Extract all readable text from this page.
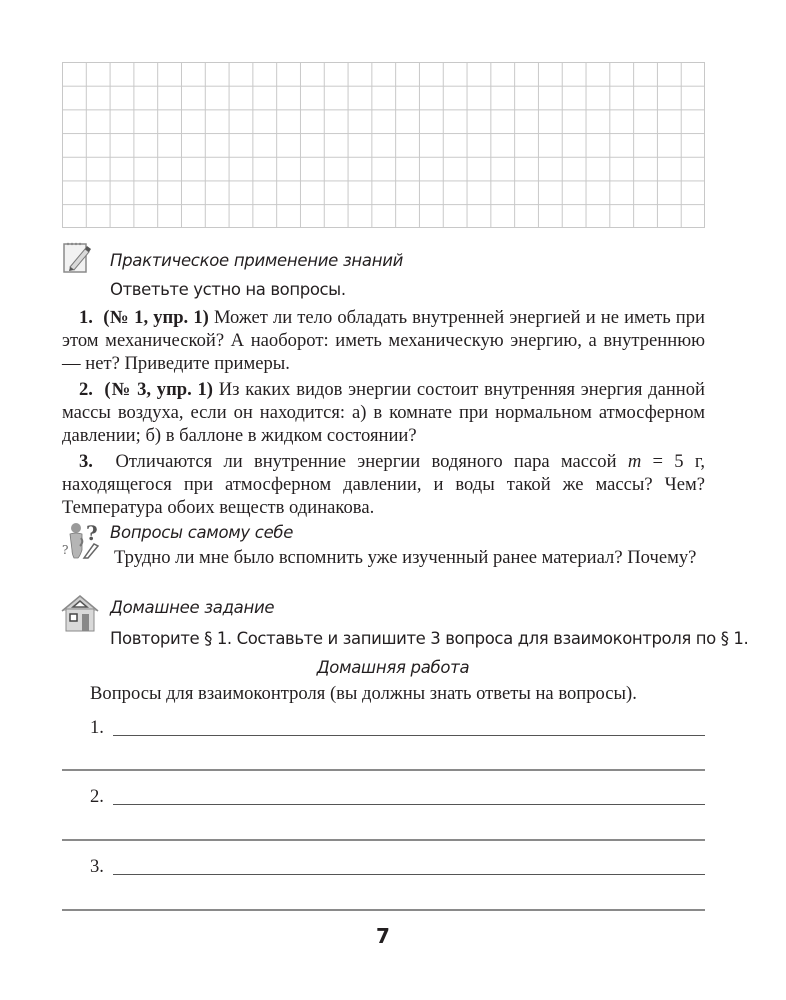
Практическое применение знаний
Ответьте устно на вопросы.
1. (№ 1, упр. 1) Может ли тело обладать внутренней энергией и не иметь при этом механической? А наоборот: иметь механическую энергию, а внутреннюю — нет? Приведите примеры.
2. (№ 3, упр. 1) Из каких видов энергии состоит внутренняя энергия данной массы воздуха, если он находится: а) в комнате при нормальном атмосферном давлении; б) в баллоне в жидком состоянии?
3. Отличаются ли внутренние энергии водяного пара массой m = 5 г, находящегося при атмосферном давлении, и воды такой же массы? Чем? Температура обоих веществ одинакова.
?
?
Вопросы самому себе
Трудно ли мне было вспомнить уже изученный ранее материал? Почему?
Домашнее задание
Повторите § 1. Составьте и запишите 3 вопроса для взаимоконтроля по § 1.
Домашняя работа
Вопросы для взаимоконтроля (вы должны знать ответы на вопросы).
1.
2.
3.
7
